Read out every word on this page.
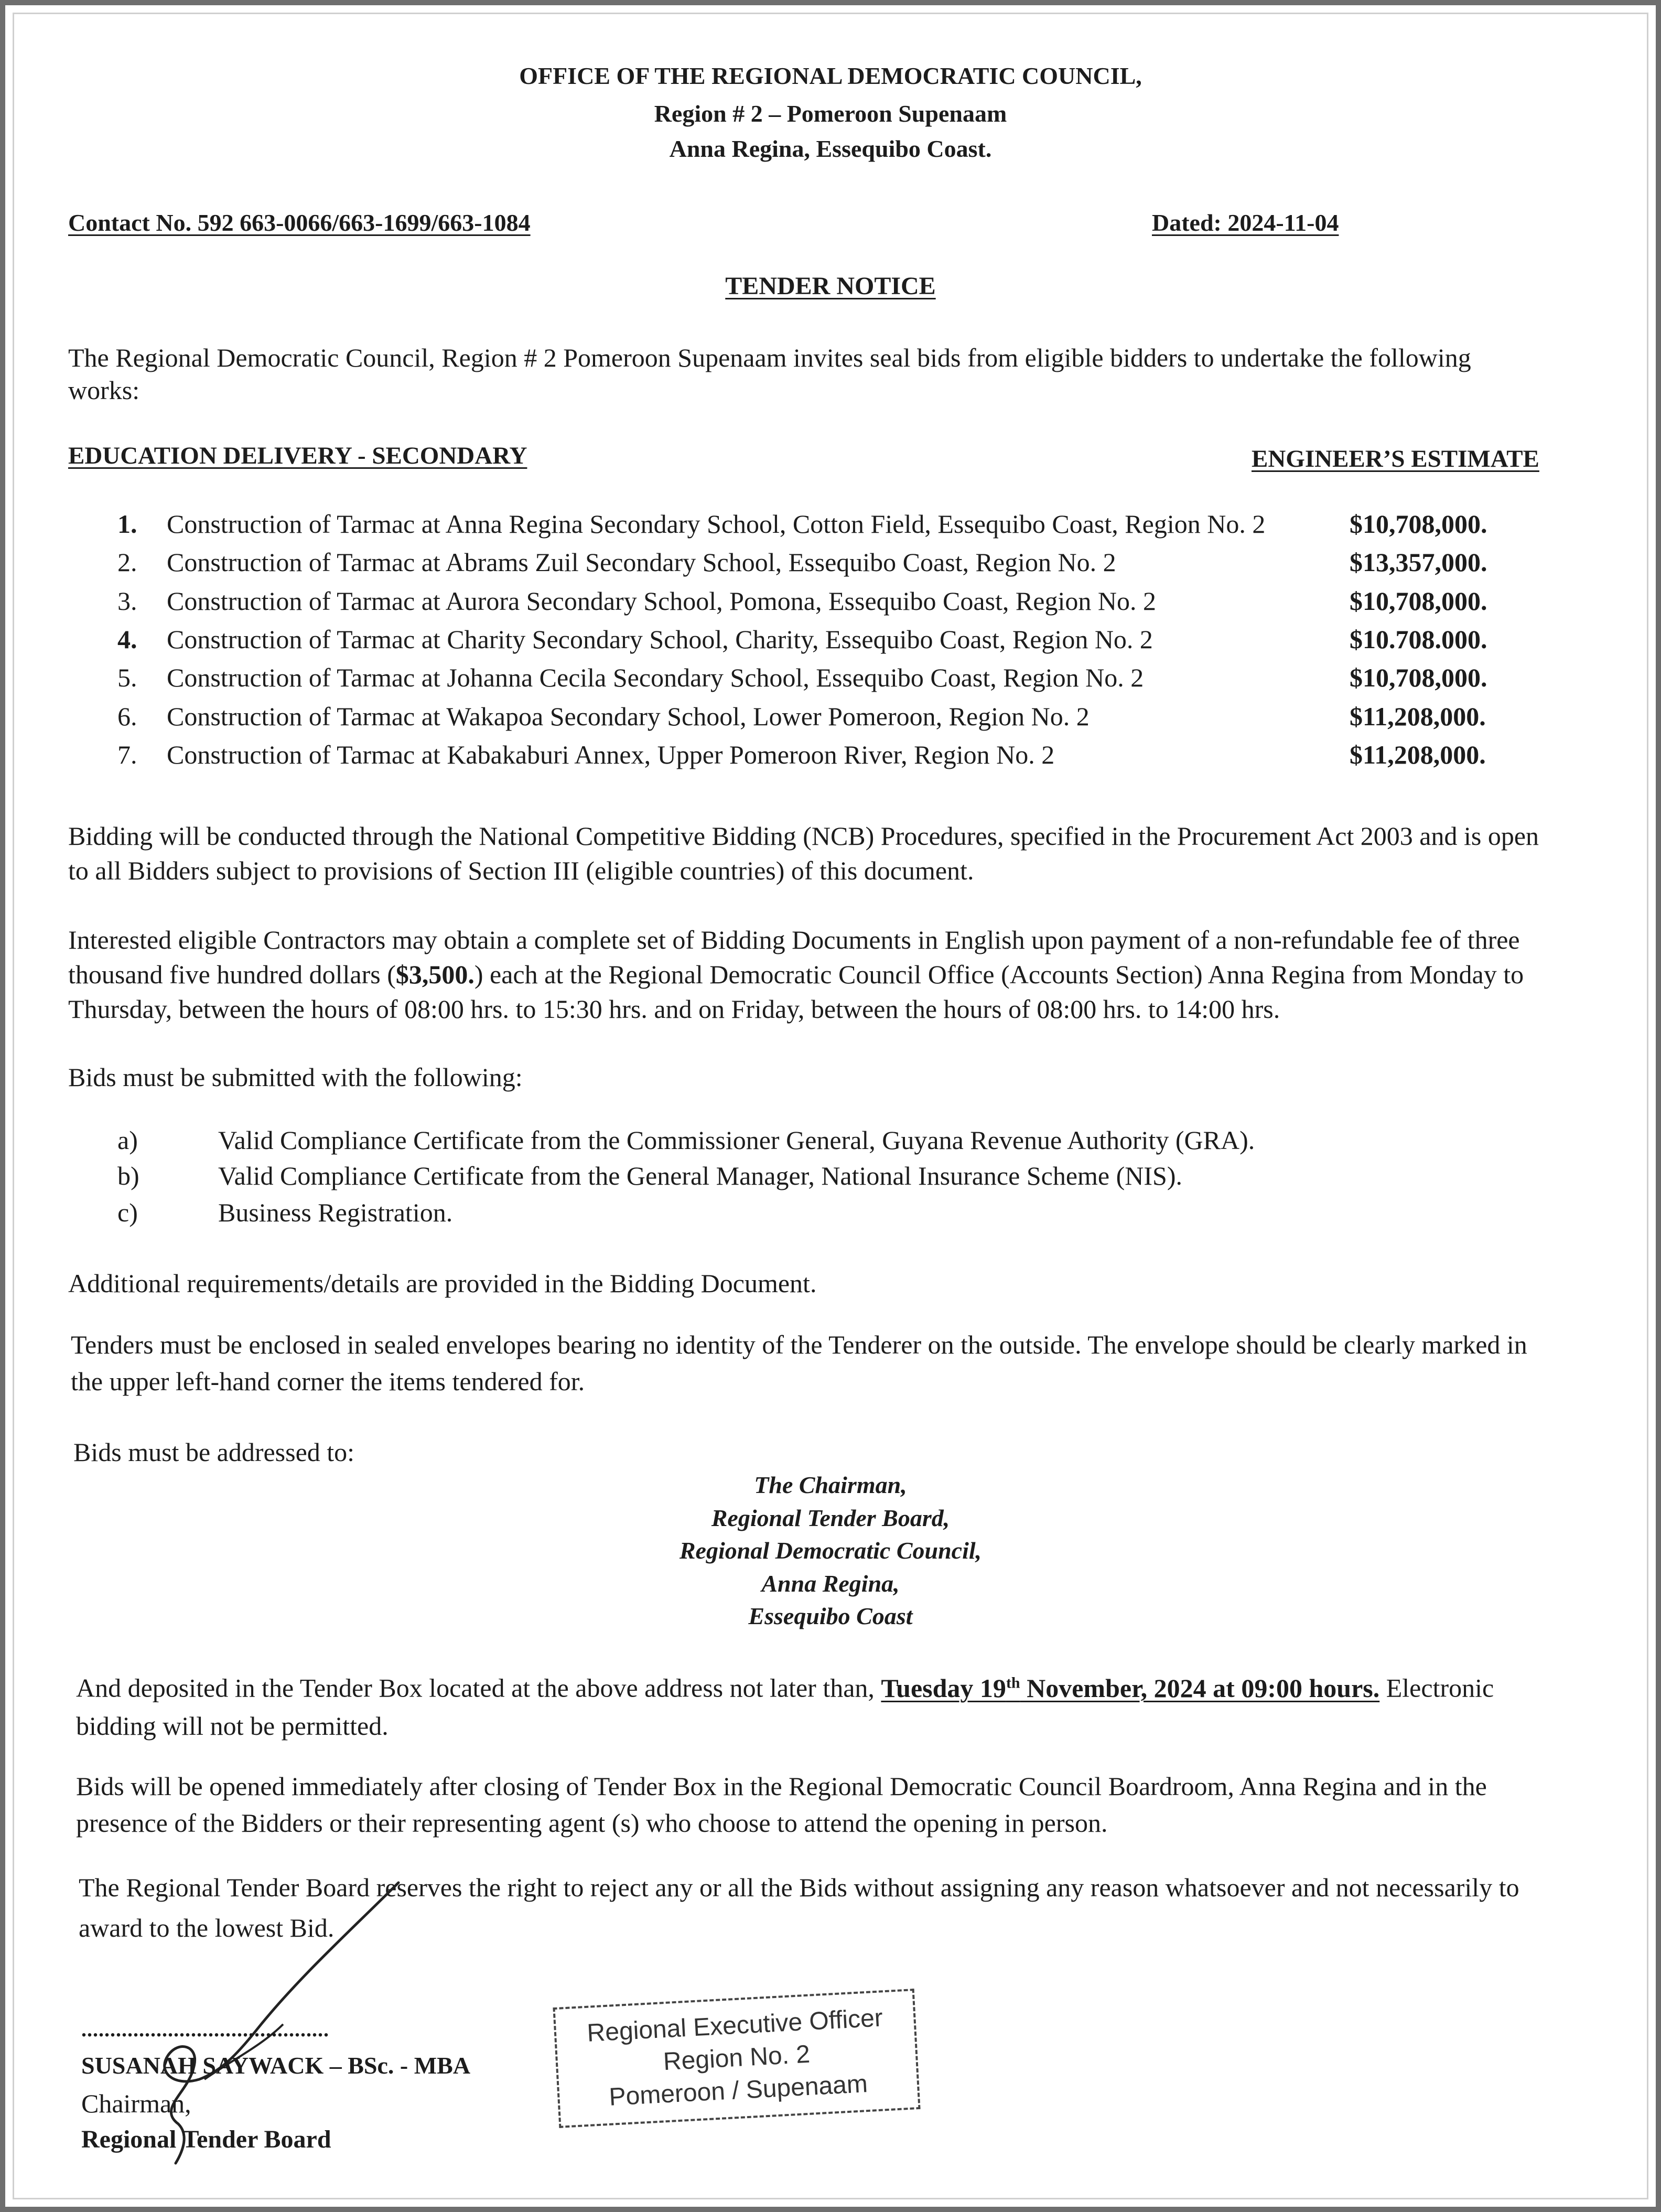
OFFICE OF THE REGIONAL DEMOCRATIC COUNCIL,
Region # 2 – Pomeroon Supenaam
Anna Regina, Essequibo Coast.
Contact No. 592 663-0066/663-1699/663-1084	Dated: 2024-11-04
TENDER NOTICE
The Regional Democratic Council, Region # 2 Pomeroon Supenaam invites seal bids from eligible bidders to undertake the following
works:
EDUCATION DELIVERY - SECONDARY	ENGINEER’S ESTIMATE
1. Construction of Tarmac at Anna Regina Secondary School, Cotton Field, Essequibo Coast, Region No. 2	$10,708,000.
2. Construction of Tarmac at Abrams Zuil Secondary School, Essequibo Coast, Region No. 2	$13,357,000.
3. Construction of Tarmac at Aurora Secondary School, Pomona, Essequibo Coast, Region No. 2	$10,708,000.
4. Construction of Tarmac at Charity Secondary School, Charity, Essequibo Coast, Region No. 2	$10.708.000.
5. Construction of Tarmac at Johanna Cecila Secondary School, Essequibo Coast, Region No. 2	$10,708,000.
6. Construction of Tarmac at Wakapoa Secondary School, Lower Pomeroon, Region No. 2	$11,208,000.
7. Construction of Tarmac at Kabakaburi Annex, Upper Pomeroon River, Region No. 2	$11,208,000.
Bidding will be conducted through the National Competitive Bidding (NCB) Procedures, specified in the Procurement Act 2003 and is open
to all Bidders subject to provisions of Section III (eligible countries) of this document.
Interested eligible Contractors may obtain a complete set of Bidding Documents in English upon payment of a non-refundable fee of three
thousand five hundred dollars ($3,500.) each at the Regional Democratic Council Office (Accounts Section) Anna Regina from Monday to
Thursday, between the hours of 08:00 hrs. to 15:30 hrs. and on Friday, between the hours of 08:00 hrs. to 14:00 hrs.
Bids must be submitted with the following:
a)	Valid Compliance Certificate from the Commissioner General, Guyana Revenue Authority (GRA).
b)	Valid Compliance Certificate from the General Manager, National Insurance Scheme (NIS).
c)	Business Registration.
Additional requirements/details are provided in the Bidding Document.
Tenders must be enclosed in sealed envelopes bearing no identity of the Tenderer on the outside. The envelope should be clearly marked in
the upper left-hand corner the items tendered for.
Bids must be addressed to:
The Chairman,
Regional Tender Board,
Regional Democratic Council,
Anna Regina,
Essequibo Coast
And deposited in the Tender Box located at the above address not later than, Tuesday 19th November, 2024 at 09:00 hours. Electronic
bidding will not be permitted.
Bids will be opened immediately after closing of Tender Box in the Regional Democratic Council Boardroom, Anna Regina and in the
presence of the Bidders or their representing agent (s) who choose to attend the opening in person.
The Regional Tender Board reserves the right to reject any or all the Bids without assigning any reason whatsoever and not necessarily to
award to the lowest Bid.
...........................................
SUSANAH SAYWACK – BSc. - MBA
Chairman,
Regional Tender Board
Regional Executive Officer
Region No. 2
Pomeroon / Supenaam
